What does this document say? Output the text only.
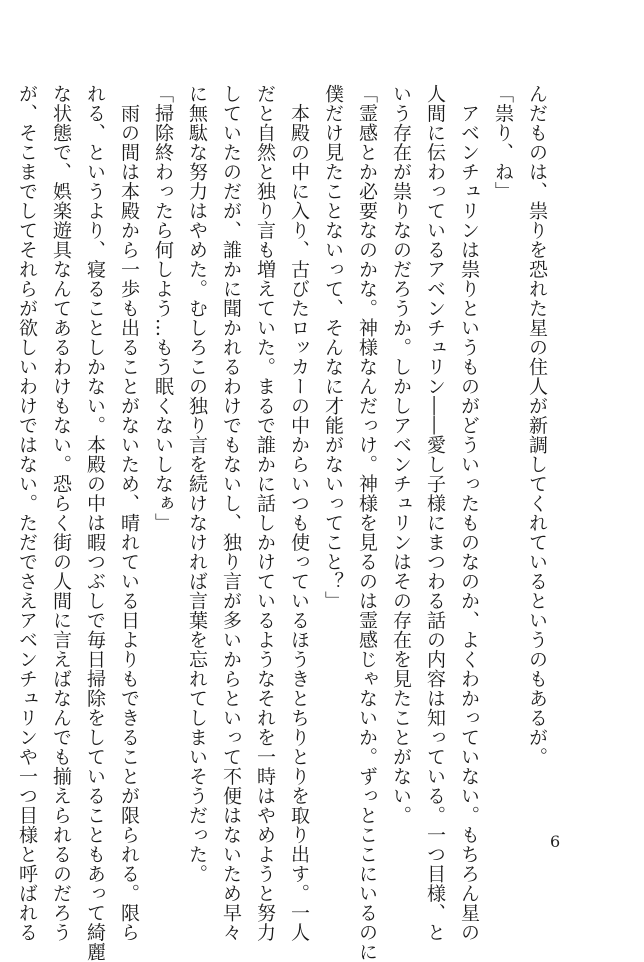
んだものは、祟りを恐れた星の住人が新調してくれているというのもあるが。

「祟り、ね」

　アベンチュリンは祟りというものがどういったものなのか、よくわかっていない。もちろん星の

人間に伝わっているアベンチュリン――愛し子様にまつわる話の内容は知っている。一つ目様、と

いう存在が祟りなのだろうか。しかしアベンチュリンはその存在を見たことがない。

「霊感とか必要なのかな。神様なんだっけ。神様を見るのは霊感じゃないか。ずっとここにいるのに

僕だけ見たことないって、そんなに才能がないってこと？」

　本殿の中に入り、古びたロッカーの中からいつも使っているほうきとちりとりを取り出す。一人

だと自然と独り言も増えていた。まるで誰かに話しかけているようなそれを一時はやめようと努力

していたのだが、誰かに聞かれるわけでもないし、独り言が多いからといって不便はないため早々

に無駄な努力はやめた。むしろこの独り言を続けなければ言葉を忘れてしまいそうだった。

「掃除終わったら何しよう…もう眠くないしなぁ」

　雨の間は本殿から一歩も出ることがないため、晴れている日よりもできることが限られる。限ら

れる、というより、寝ることしかない。本殿の中は暇つぶしで毎日掃除をしていることもあって綺麗

な状態で、娯楽遊具なんてあるわけもない。恐らく街の人間に言えばなんでも揃えられるのだろう

が、そこまでしてそれらが欲しいわけではない。ただでさえアベンチュリンや一つ目様と呼ばれる	6
